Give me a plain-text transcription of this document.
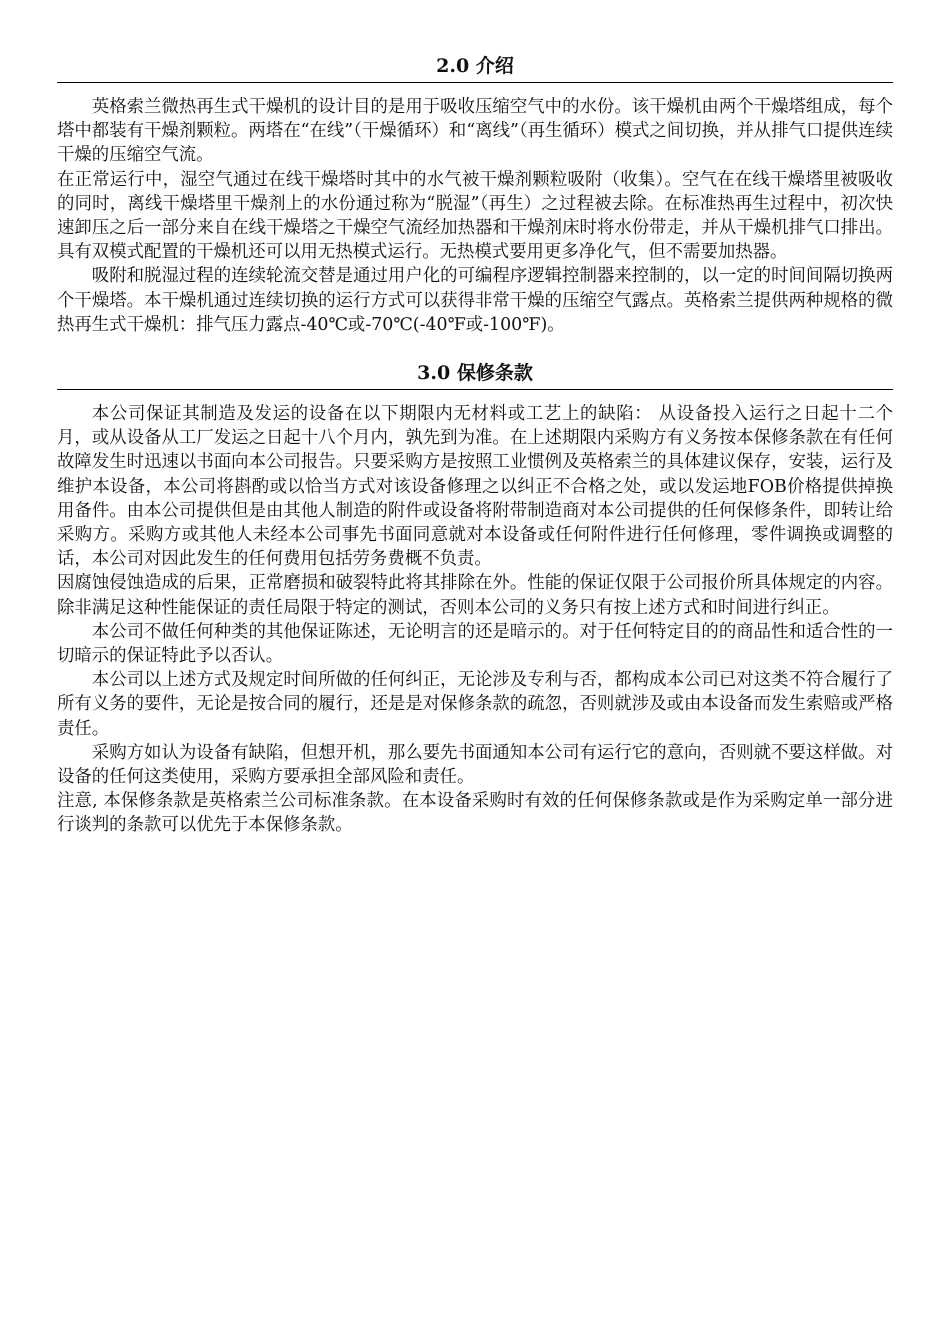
2.0 介绍

英格索兰微热再生式干燥机的设计目的是用于吸收压缩空气中的水份。该干燥机由两个干燥塔组成，每个塔中都装有干燥剂颗粒。两塔在“在线”（干燥循环）和“离线”（再生循环）模式之间切换，并从排气口提供连续干燥的压缩空气流。

在正常运行中，湿空气通过在线干燥塔时其中的水气被干燥剂颗粒吸附（收集）。空气在在线干燥塔里被吸收的同时，离线干燥塔里干燥剂上的水份通过称为“脱湿”（再生）之过程被去除。在标准热再生过程中，初次快速卸压之后一部分来自在线干燥塔之干燥空气流经加热器和干燥剂床时将水份带走，并从干燥机排气口排出。具有双模式配置的干燥机还可以用无热模式运行。无热模式要用更多净化气，但不需要加热器。

吸附和脱湿过程的连续轮流交替是通过用户化的可编程序逻辑控制器来控制的，以一定的时间间隔切换两个干燥塔。本干燥机通过连续切换的运行方式可以获得非常干燥的压缩空气露点。英格索兰提供两种规格的微热再生式干燥机：排气压力露点-40℃或-70℃(-40℉或-100℉)。

3.0 保修条款

本公司保证其制造及发运的设备在以下期限内无材料或工艺上的缺陷： 从设备投入运行之日起十二个月，或从设备从工厂发运之日起十八个月内，孰先到为准。在上述期限内采购方有义务按本保修条款在有任何故障发生时迅速以书面向本公司报告。只要采购方是按照工业惯例及英格索兰的具体建议保存，安装，运行及维护本设备，本公司将斟酌或以恰当方式对该设备修理之以纠正不合格之处，或以发运地FOB价格提供掉换用备件。由本公司提供但是由其他人制造的附件或设备将附带制造商对本公司提供的任何保修条件，即转让给采购方。采购方或其他人未经本公司事先书面同意就对本设备或任何附件进行任何修理，零件调换或调整的话，本公司对因此发生的任何费用包括劳务费概不负责。

因腐蚀侵蚀造成的后果，正常磨损和破裂特此将其排除在外。性能的保证仅限于公司报价所具体规定的内容。除非满足这种性能保证的责任局限于特定的测试，否则本公司的义务只有按上述方式和时间进行纠正。

本公司不做任何种类的其他保证陈述，无论明言的还是暗示的。对于任何特定目的的商品性和适合性的一切暗示的保证特此予以否认。

本公司以上述方式及规定时间所做的任何纠正，无论涉及专利与否，都构成本公司已对这类不符合履行了所有义务的要件，无论是按合同的履行，还是是对保修条款的疏忽，否则就涉及或由本设备而发生索赔或严格责任。

采购方如认为设备有缺陷，但想开机，那么要先书面通知本公司有运行它的意向，否则就不要这样做。对设备的任何这类使用，采购方要承担全部风险和责任。

注意, 本保修条款是英格索兰公司标准条款。在本设备采购时有效的任何保修条款或是作为采购定单一部分进行谈判的条款可以优先于本保修条款。
